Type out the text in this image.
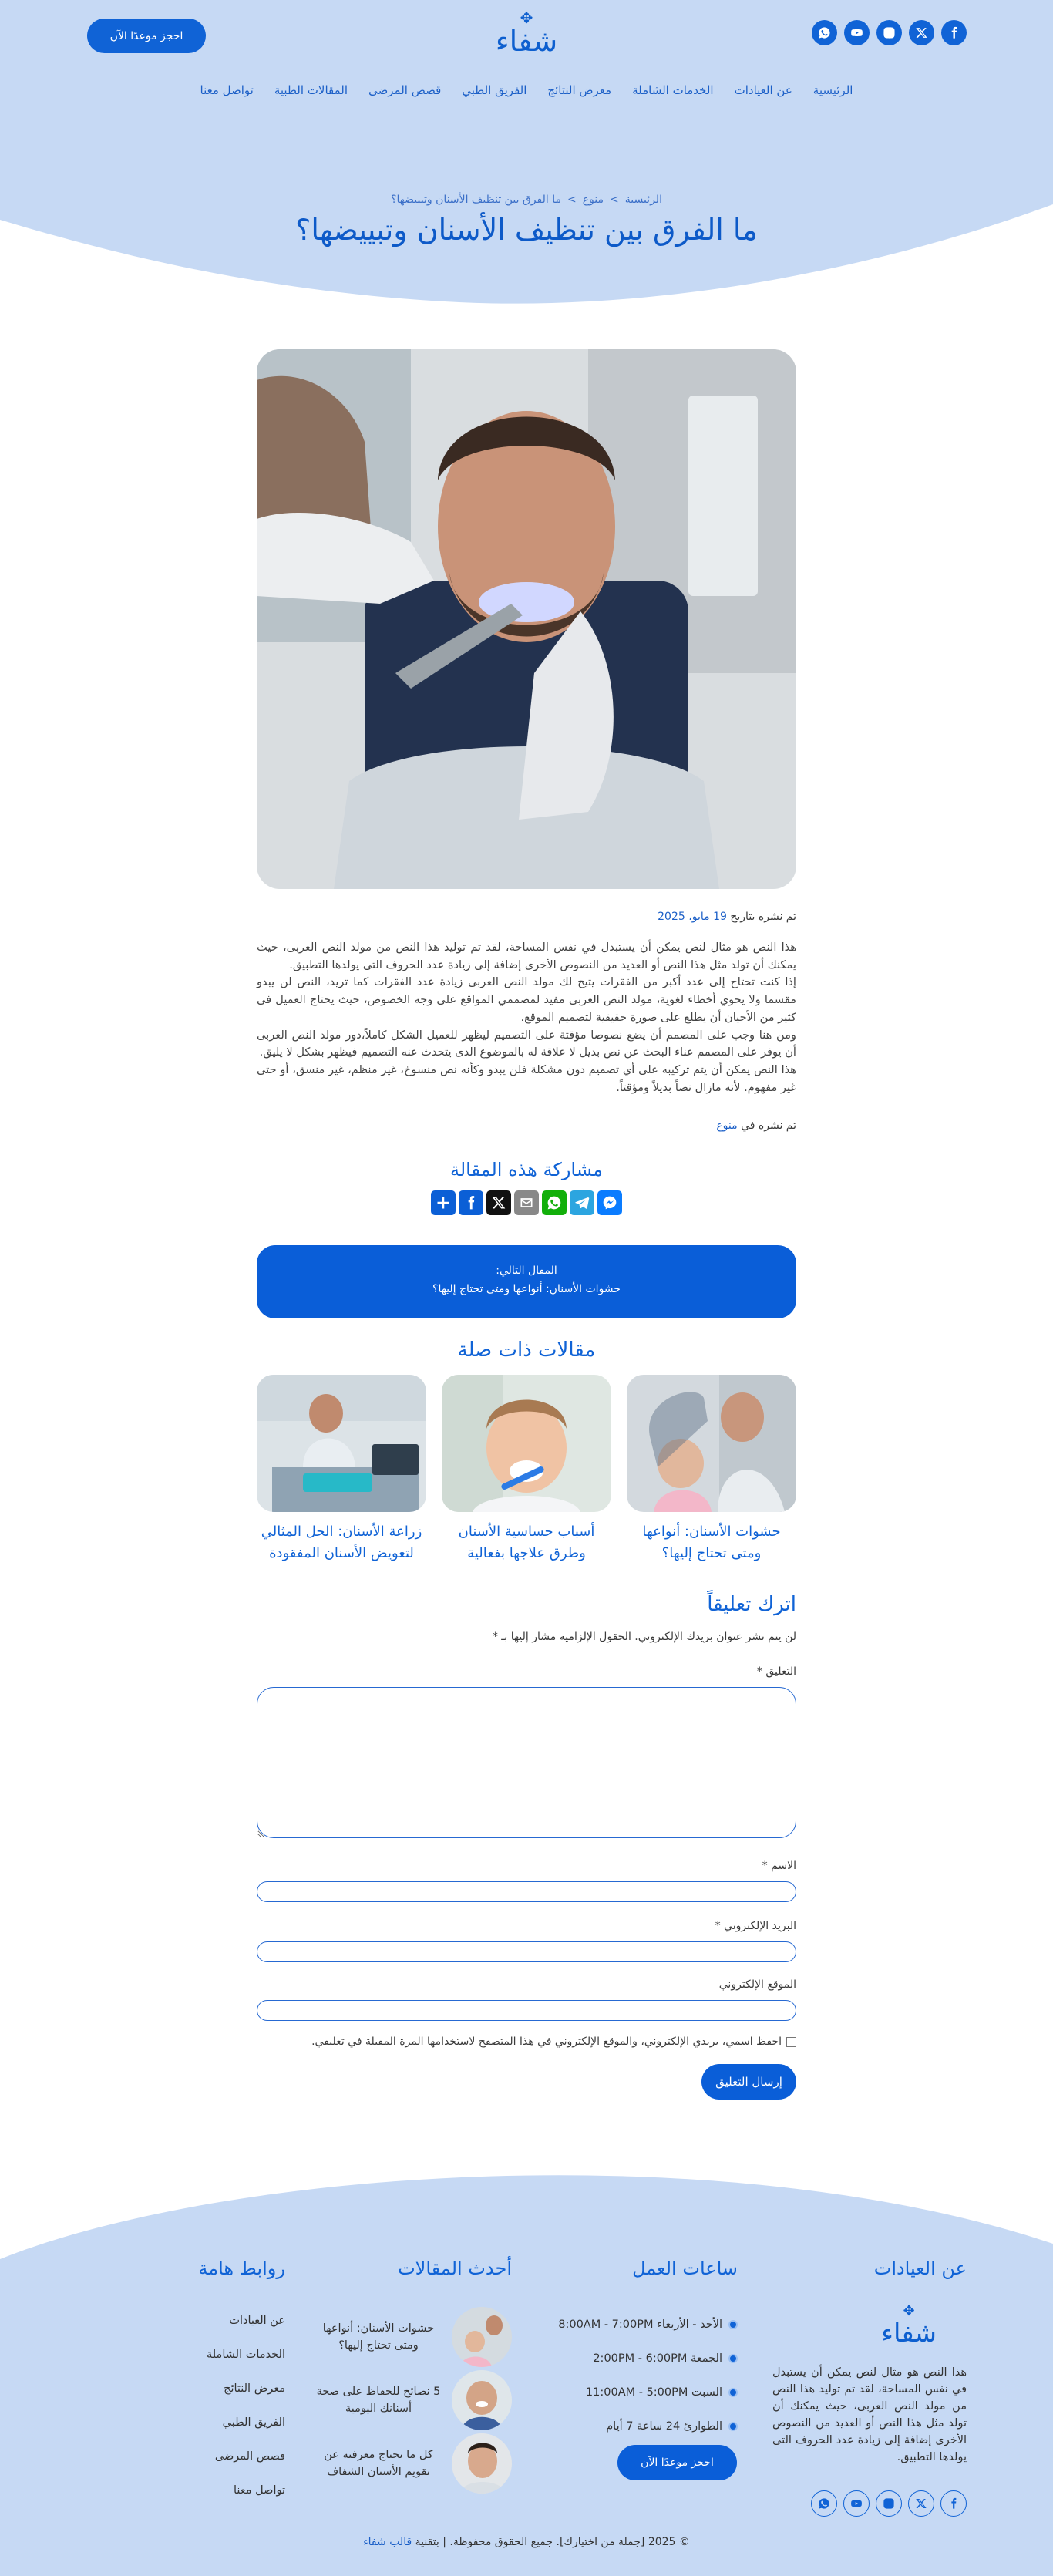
✥
شفاء
احجز موعدًا الآن
الرئيسية
عن العيادات
الخدمات الشاملة
معرض النتائج
الفريق الطبي
قصص المرضى
المقالات الطبية
تواصل معنا
الرئيسية>منوع>ما الفرق بين تنظيف الأسنان وتبييضها؟
ما الفرق بين تنظيف الأسنان وتبييضها؟
تم نشره بتاريخ 19 مايو، 2025

هذا النص هو مثال لنص يمكن أن يستبدل في نفس المساحة، لقد تم توليد هذا النص من مولد النص العربى، حيث يمكنك أن تولد مثل هذا النص أو العديد من النصوص الأخرى إضافة إلى زيادة عدد الحروف التى يولدها التطبيق.

إذا كنت تحتاج إلى عدد أكبر من الفقرات يتيح لك مولد النص العربى زيادة عدد الفقرات كما تريد، النص لن يبدو مقسما ولا يحوي أخطاء لغوية، مولد النص العربى مفيد لمصممي المواقع على وجه الخصوص، حيث يحتاج العميل فى كثير من الأحيان أن يطلع على صورة حقيقية لتصميم الموقع.

ومن هنا وجب على المصمم أن يضع نصوصا مؤقتة على التصميم ليظهر للعميل الشكل كاملاً،دور مولد النص العربى أن يوفر على المصمم عناء البحث عن نص بديل لا علاقة له بالموضوع الذى يتحدث عنه التصميم فيظهر بشكل لا يليق.

هذا النص يمكن أن يتم تركيبه على أي تصميم دون مشكلة فلن يبدو وكأنه نص منسوخ، غير منظم، غير منسق، أو حتى غير مفهوم. لأنه مازال نصاً بديلاً ومؤقتاً.

تم نشره في منوع
مشاركة هذه المقالة
المقال التالي:
حشوات الأسنان: أنواعها ومتى تحتاج إليها؟
مقالات ذات صلة
حشوات الأسنان: أنواعها ومتى تحتاج إليها؟
أسباب حساسية الأسنان وطرق علاجها بفعالية
زراعة الأسنان: الحل المثالي لتعويض الأسنان المفقودة
اترك تعليقاً
لن يتم نشر عنوان بريدك الإلكتروني. الحقول الإلزامية مشار إليها بـ *
التعليق *
الاسم *
البريد الإلكتروني *
الموقع الإلكتروني
احفظ اسمي، بريدي الإلكتروني، والموقع الإلكتروني في هذا المتصفح لاستخدامها المرة المقبلة في تعليقي.
إرسال التعليق
عن العيادات
✥
شفاء
هذا النص هو مثال لنص يمكن أن يستبدل في نفس المساحة، لقد تم توليد هذا النص من مولد النص العربى، حيث يمكنك أن تولد مثل هذا النص أو العديد من النصوص الأخرى إضافة إلى زيادة عدد الحروف التى يولدها التطبيق.
ساعات العمل
الأحد - الأربعاء 8:00AM - 7:00PM
الجمعة 2:00PM - 6:00PM
السبت 11:00AM - 5:00PM
الطوارئ 24 ساعة 7 أيام
احجز موعدًا الآن
أحدث المقالات
حشوات الأسنان: أنواعها ومتى تحتاج إليها؟
5 نصائح للحفاظ على صحة أسنانك اليومية
كل ما تحتاج معرفته عن تقويم الأسنان الشفاف
روابط هامة
عن العيادات
الخدمات الشاملة
معرض النتائج
الفريق الطبي
قصص المرضى
تواصل معنا
© 2025 [جملة من اختيارك]. جميع الحقوق محفوظة. | بتقنية قالب شفاء
